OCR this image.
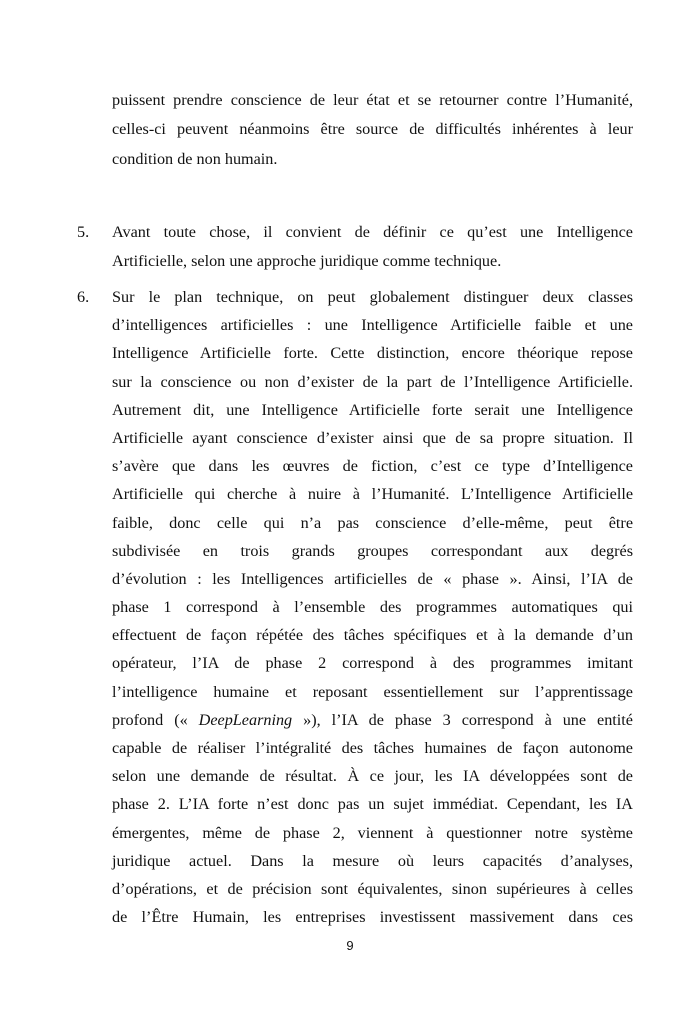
puissent prendre conscience de leur état et se retourner contre l’Humanité,
celles-ci peuvent néanmoins être source de difficultés inhérentes à leur
condition de non humain.
5. Avant toute chose, il convient de définir ce qu’est une Intelligence
Artificielle, selon une approche juridique comme technique.
6. Sur le plan technique, on peut globalement distinguer deux classes
d’intelligences artificielles : une Intelligence Artificielle faible et une
Intelligence Artificielle forte. Cette distinction, encore théorique repose
sur la conscience ou non d’exister de la part de l’Intelligence Artificielle.
Autrement dit, une Intelligence Artificielle forte serait une Intelligence
Artificielle ayant conscience d’exister ainsi que de sa propre situation. Il
s’avère que dans les œuvres de fiction, c’est ce type d’Intelligence
Artificielle qui cherche à nuire à l’Humanité. L’Intelligence Artificielle
faible, donc celle qui n’a pas conscience d’elle-même, peut être
subdivisée en trois grands groupes correspondant aux degrés
d’évolution : les Intelligences artificielles de « phase ». Ainsi, l’IA de
phase 1 correspond à l’ensemble des programmes automatiques qui
effectuent de façon répétée des tâches spécifiques et à la demande d’un
opérateur, l’IA de phase 2 correspond à des programmes imitant
l’intelligence humaine et reposant essentiellement sur l’apprentissage
profond (« DeepLearning »), l’IA de phase 3 correspond à une entité
capable de réaliser l’intégralité des tâches humaines de façon autonome
selon une demande de résultat. À ce jour, les IA développées sont de
phase 2. L’IA forte n’est donc pas un sujet immédiat. Cependant, les IA
émergentes, même de phase 2, viennent à questionner notre système
juridique actuel. Dans la mesure où leurs capacités d’analyses,
d’opérations, et de précision sont équivalentes, sinon supérieures à celles
de l’Être Humain, les entreprises investissent massivement dans ces
9
